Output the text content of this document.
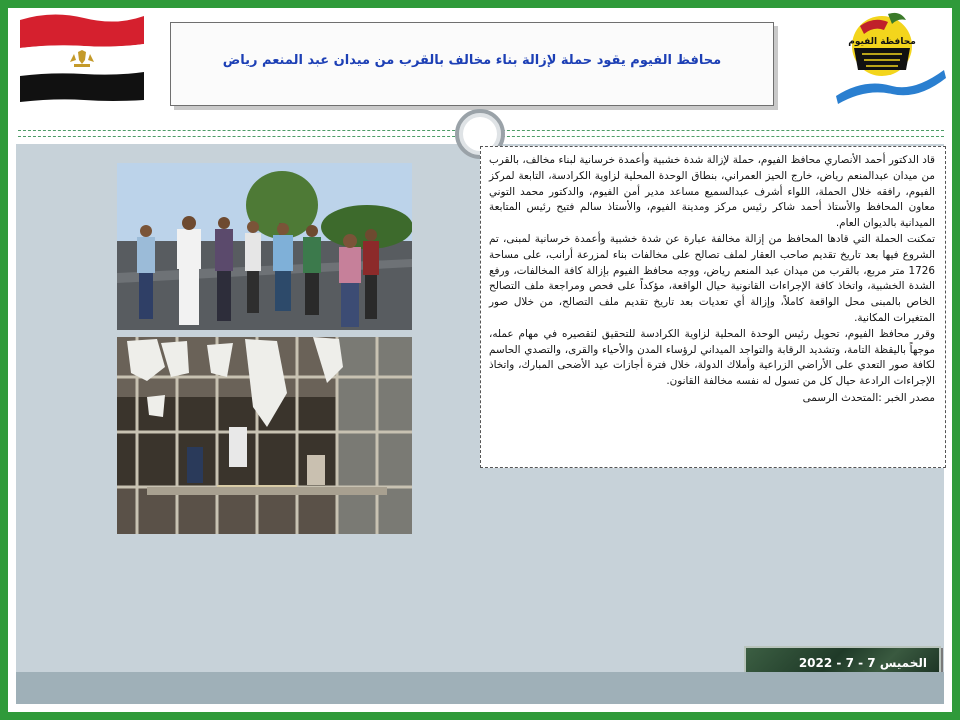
محافظة الفيوم
محافظ الفيوم يقود حملة لإزالة بناء مخالف بالقرب من ميدان عبد المنعم رياض

قاد الدكتور أحمد الأنصاري محافظ الفيوم، حملة لإزالة شدة خشبية وأعمدة خرسانية لبناء مخالف، بالقرب من ميدان عبدالمنعم رياض، خارج الحيز العمراني، بنطاق الوحدة المحلية لزاوية الكرادسة، التابعة لمركز الفيوم، رافقه خلال الحملة، اللواء أشرف عبدالسميع مساعد مدير أمن الفيوم، والدكتور محمد التوني معاون المحافظ والأستاذ أحمد شاكر رئيس مركز ومدينة الفيوم، والأستاذ سالم فتيح رئيس المتابعة الميدانية بالديوان العام.

تمكنت الحملة التي قادها المحافظ من إزالة مخالفة عبارة عن شدة خشبية وأعمدة خرسانية لمبنى، تم الشروع فيها بعد تاريخ تقديم صاحب العقار لملف تصالح على مخالفات بناء لمزرعة أرانب، على مساحة 1726 متر مربع، بالقرب من ميدان عبد المنعم رياض، ووجه محافظ الفيوم بإزالة كافة المخالفات، ورفع الشدة الخشبية، واتخاذ كافة الإجراءات القانونية حيال الواقعة، مؤكداً على فحص ومراجعة ملف التصالح الخاص بالمبنى محل الواقعة كاملاً، وإزالة أي تعديات بعد تاريخ تقديم ملف التصالح، من خلال صور المتغيرات المكانية.

وقرر محافظ الفيوم، تحويل رئيس الوحدة المحلية لزاوية الكرادسة للتحقيق لتقصيره في مهام عمله، موجهاً باليقظة التامة، وتشديد الرقابة والتواجد الميداني لرؤساء المدن والأحياء والقرى، والتصدي الحاسم لكافة صور التعدي على الأراضي الزراعية وأملاك الدولة، خلال فترة أجازات عيد الأضحى المبارك، واتخاذ الإجراءات الرادعة حيال كل من تسول له نفسه مخالفة القانون.

مصدر الخبر :المتحدث الرسمى

الخميس 7 - 7 - 2022
